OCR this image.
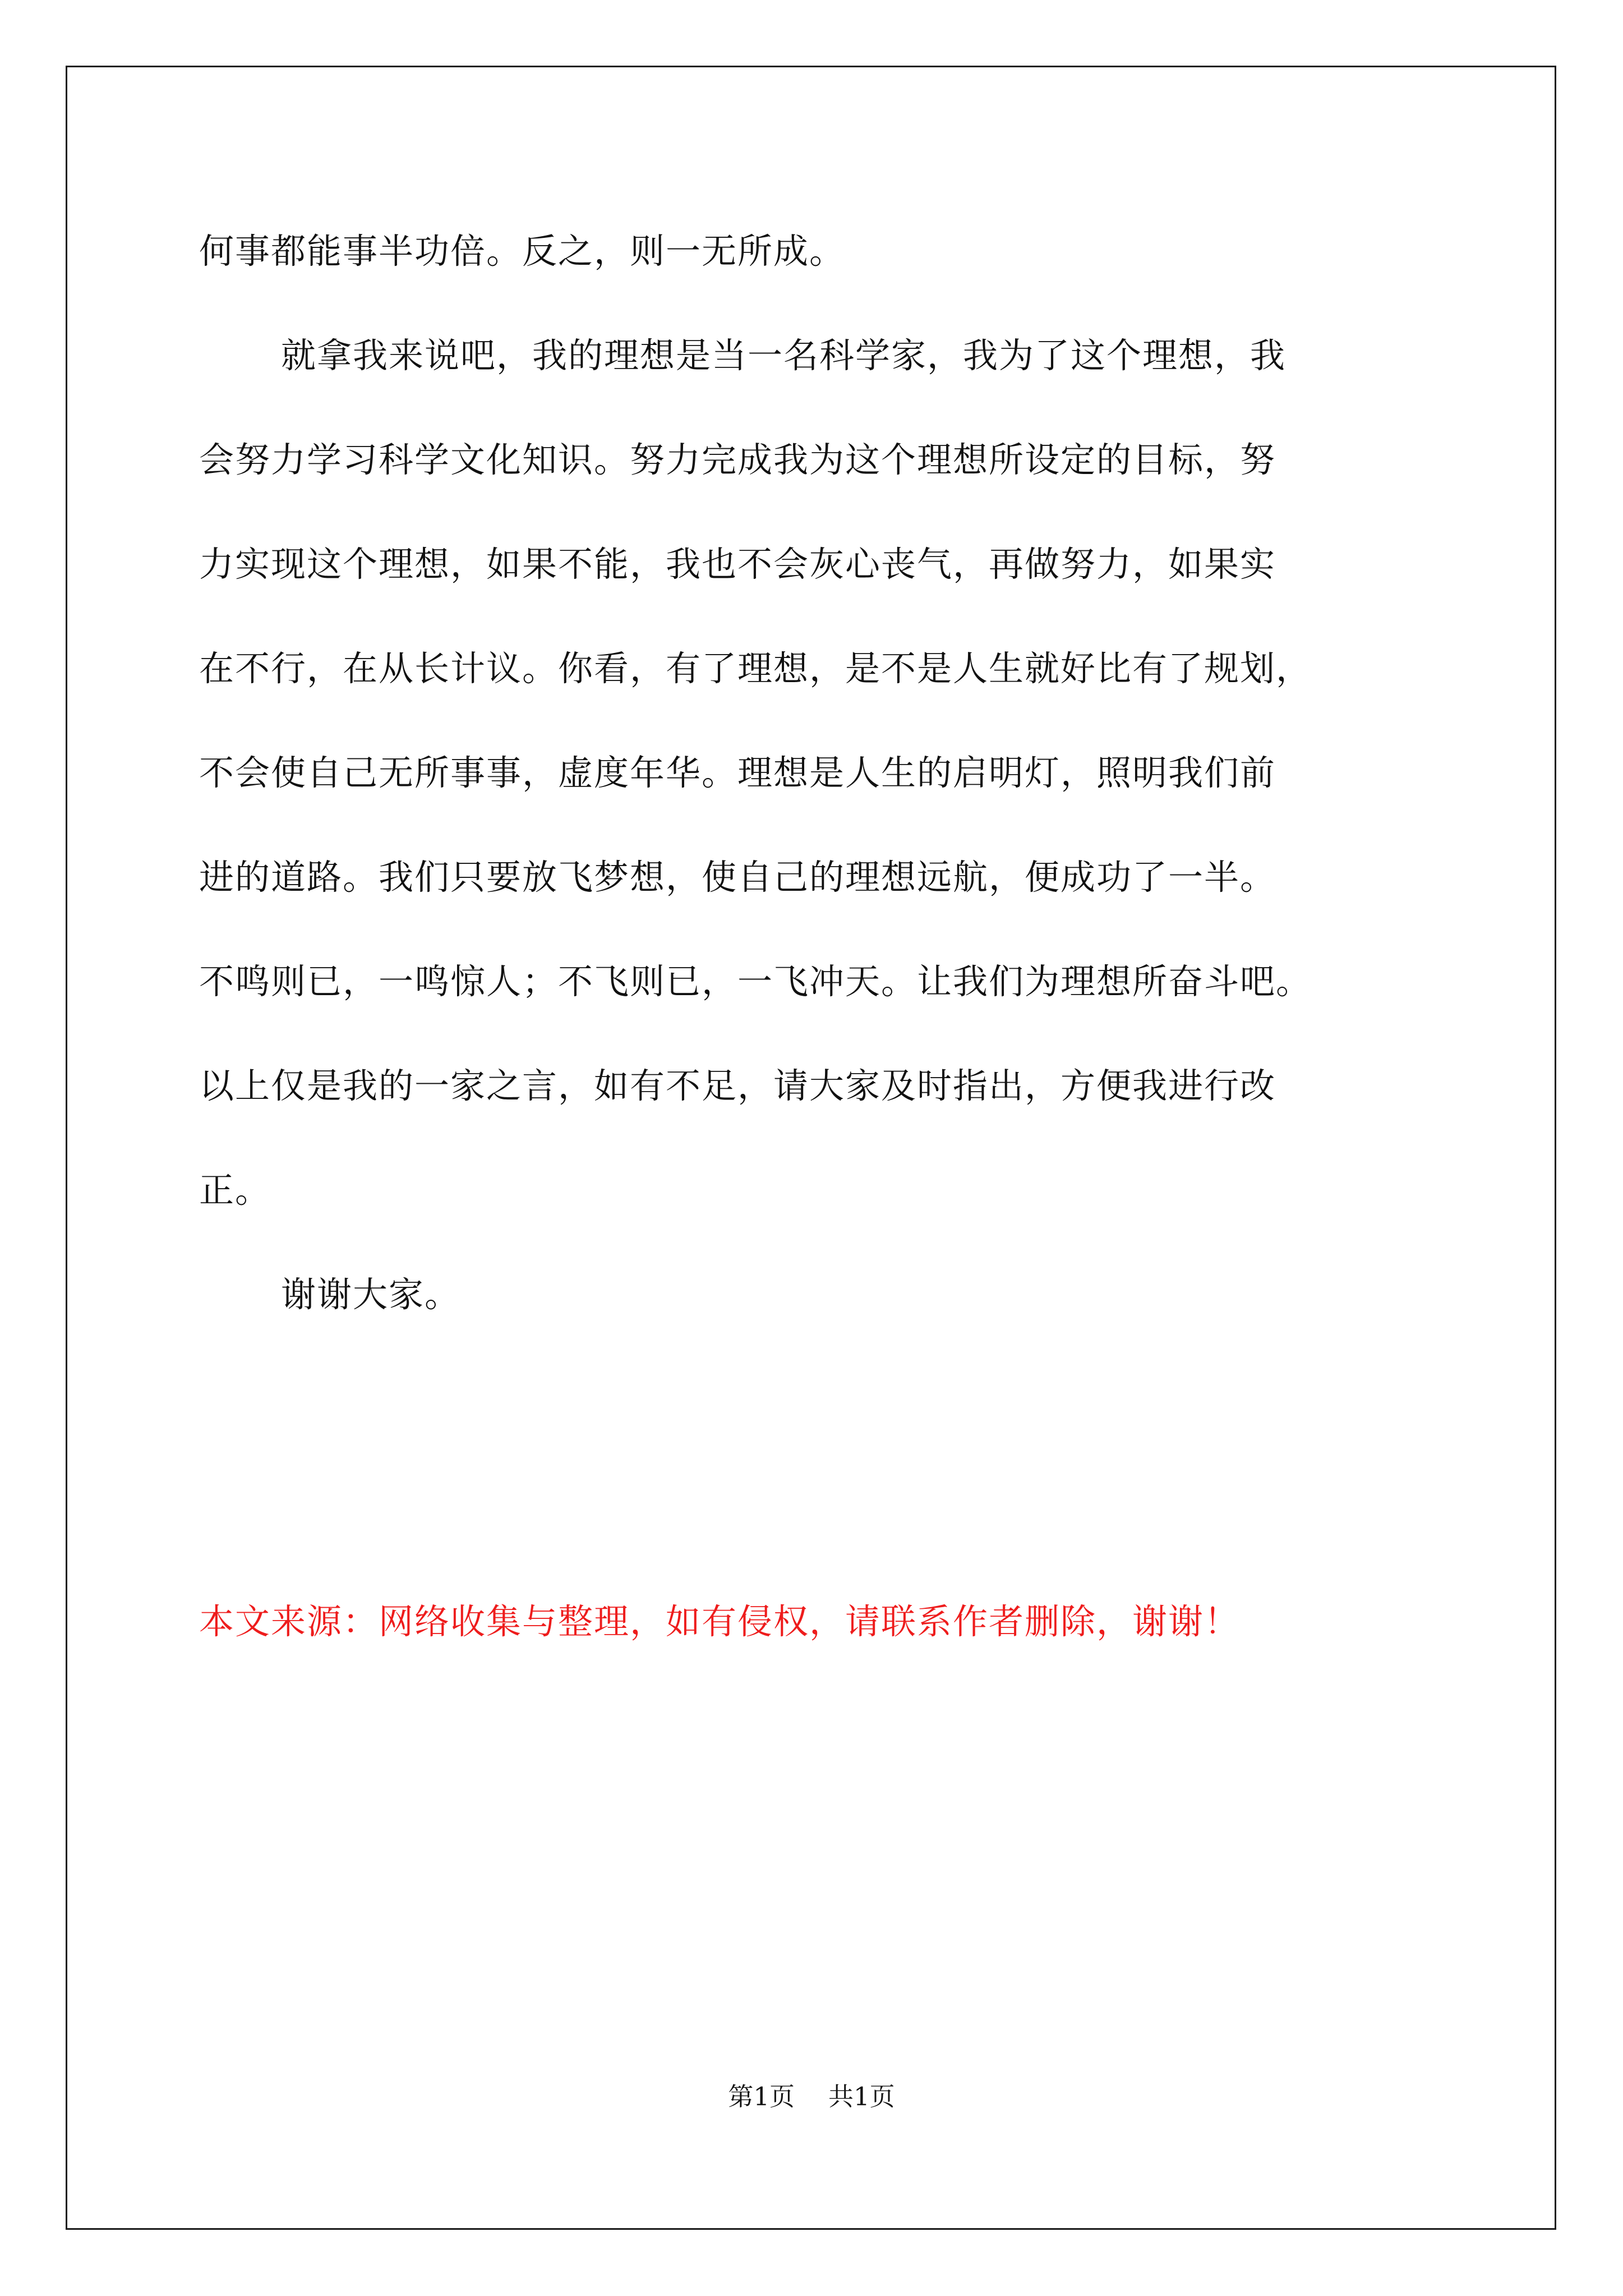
何事都能事半功倍。反之，则一无所成。

就拿我来说吧，我的理想是当一名科学家，我为了这个理想，我

会努力学习科学文化知识。努力完成我为这个理想所设定的目标，努

力实现这个理想，如果不能，我也不会灰心丧气，再做努力，如果实

在不行，在从长计议。你看，有了理想，是不是人生就好比有了规划，

不会使自己无所事事，虚度年华。理想是人生的启明灯，照明我们前

进的道路。我们只要放飞梦想，使自己的理想远航，便成功了一半。

不鸣则已，一鸣惊人；不飞则已，一飞冲天。让我们为理想所奋斗吧。

以上仅是我的一家之言，如有不足，请大家及时指出，方便我进行改

正。

谢谢大家。

本文来源：网络收集与整理，如有侵权，请联系作者删除，谢谢！

第1页 共1页
